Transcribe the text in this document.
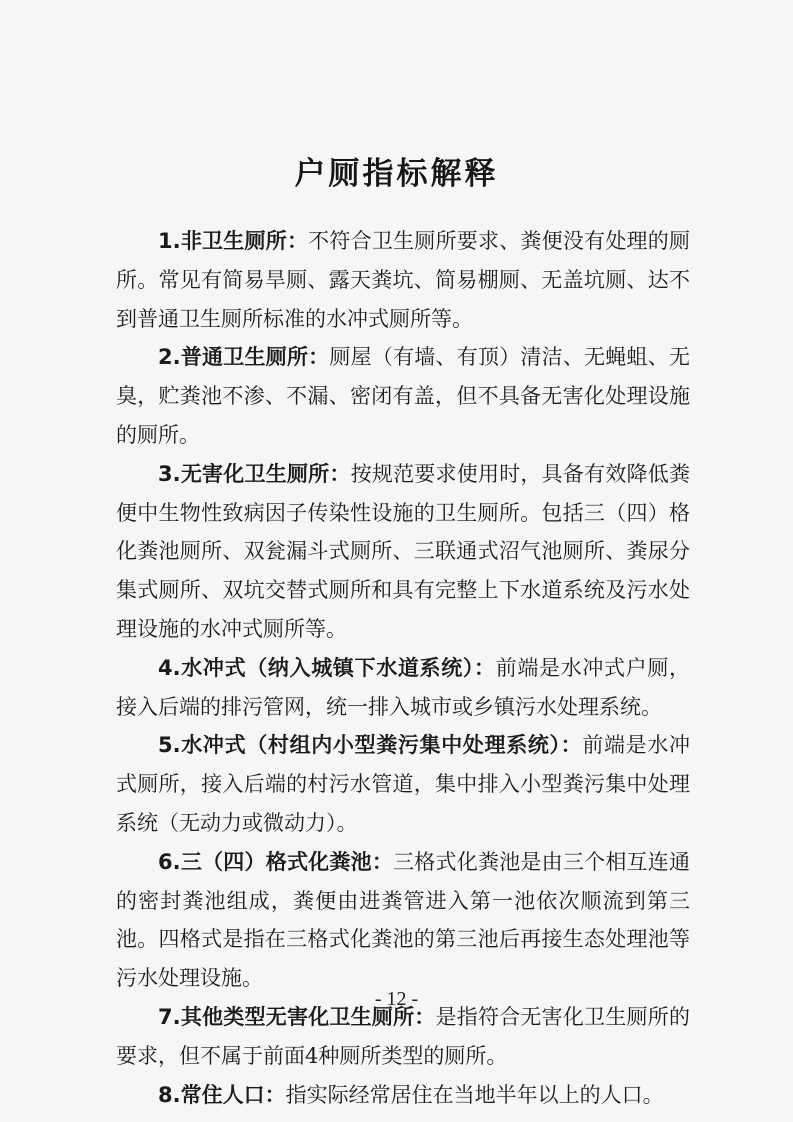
户厕指标解释

1.非卫生厕所：不符合卫生厕所要求、粪便没有处理的厕所。常见有简易旱厕、露天粪坑、简易棚厕、无盖坑厕、达不到普通卫生厕所标准的水冲式厕所等。

2.普通卫生厕所：厕屋（有墙、有顶）清洁、无蝇蛆、无臭，贮粪池不渗、不漏、密闭有盖，但不具备无害化处理设施的厕所。

3.无害化卫生厕所：按规范要求使用时，具备有效降低粪便中生物性致病因子传染性设施的卫生厕所。包括三（四）格化粪池厕所、双瓮漏斗式厕所、三联通式沼气池厕所、粪尿分集式厕所、双坑交替式厕所和具有完整上下水道系统及污水处理设施的水冲式厕所等。

4.水冲式（纳入城镇下水道系统）：前端是水冲式户厕，接入后端的排污管网，统一排入城市或乡镇污水处理系统。

5.水冲式（村组内小型粪污集中处理系统）：前端是水冲式厕所，接入后端的村污水管道，集中排入小型粪污集中处理系统（无动力或微动力）。

6.三（四）格式化粪池：三格式化粪池是由三个相互连通的密封粪池组成，粪便由进粪管进入第一池依次顺流到第三池。四格式是指在三格式化粪池的第三池后再接生态处理池等污水处理设施。

7.其他类型无害化卫生厕所：是指符合无害化卫生厕所的要求，但不属于前面4种厕所类型的厕所。

8.常住人口：指实际经常居住在当地半年以上的人口。

- 12 -
